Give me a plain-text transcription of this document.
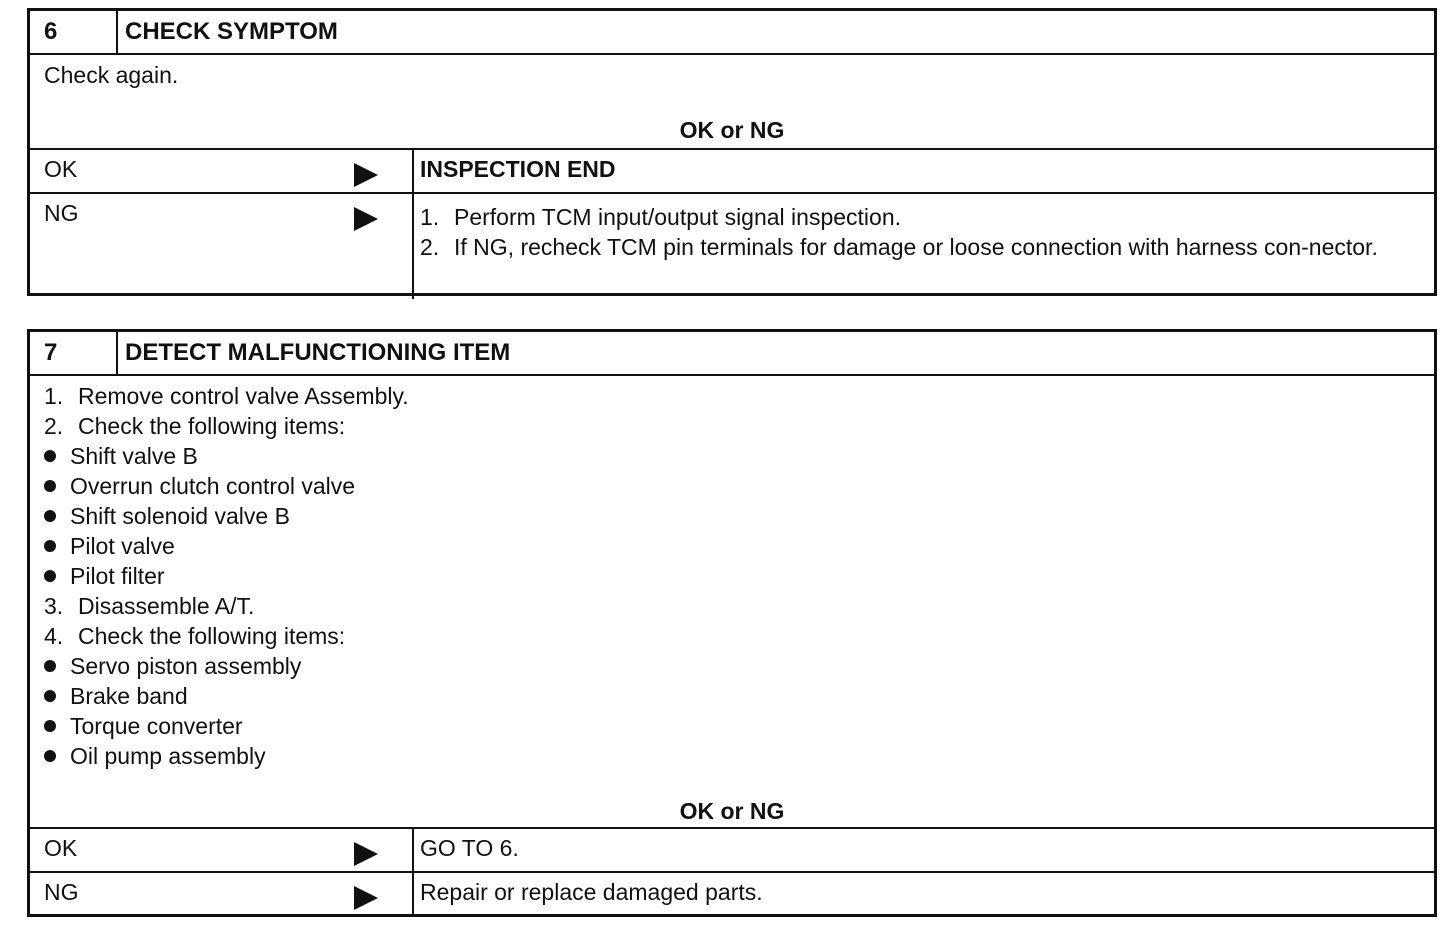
6	CHECK SYMPTOM
Check again.
OK or NG
OK	INSPECTION END
NG	1. Perform TCM input/output signal inspection.
2. If NG, recheck TCM pin terminals for damage or loose connection with harness con-nector.
7	DETECT MALFUNCTIONING ITEM
1. Remove control valve Assembly.
2. Check the following items:
Shift valve B
Overrun clutch control valve
Shift solenoid valve B
Pilot valve
Pilot filter
3. Disassemble A/T.
4. Check the following items:
Servo piston assembly
Brake band
Torque converter
Oil pump assembly
OK or NG
OK	GO TO 6.
NG	Repair or replace damaged parts.
